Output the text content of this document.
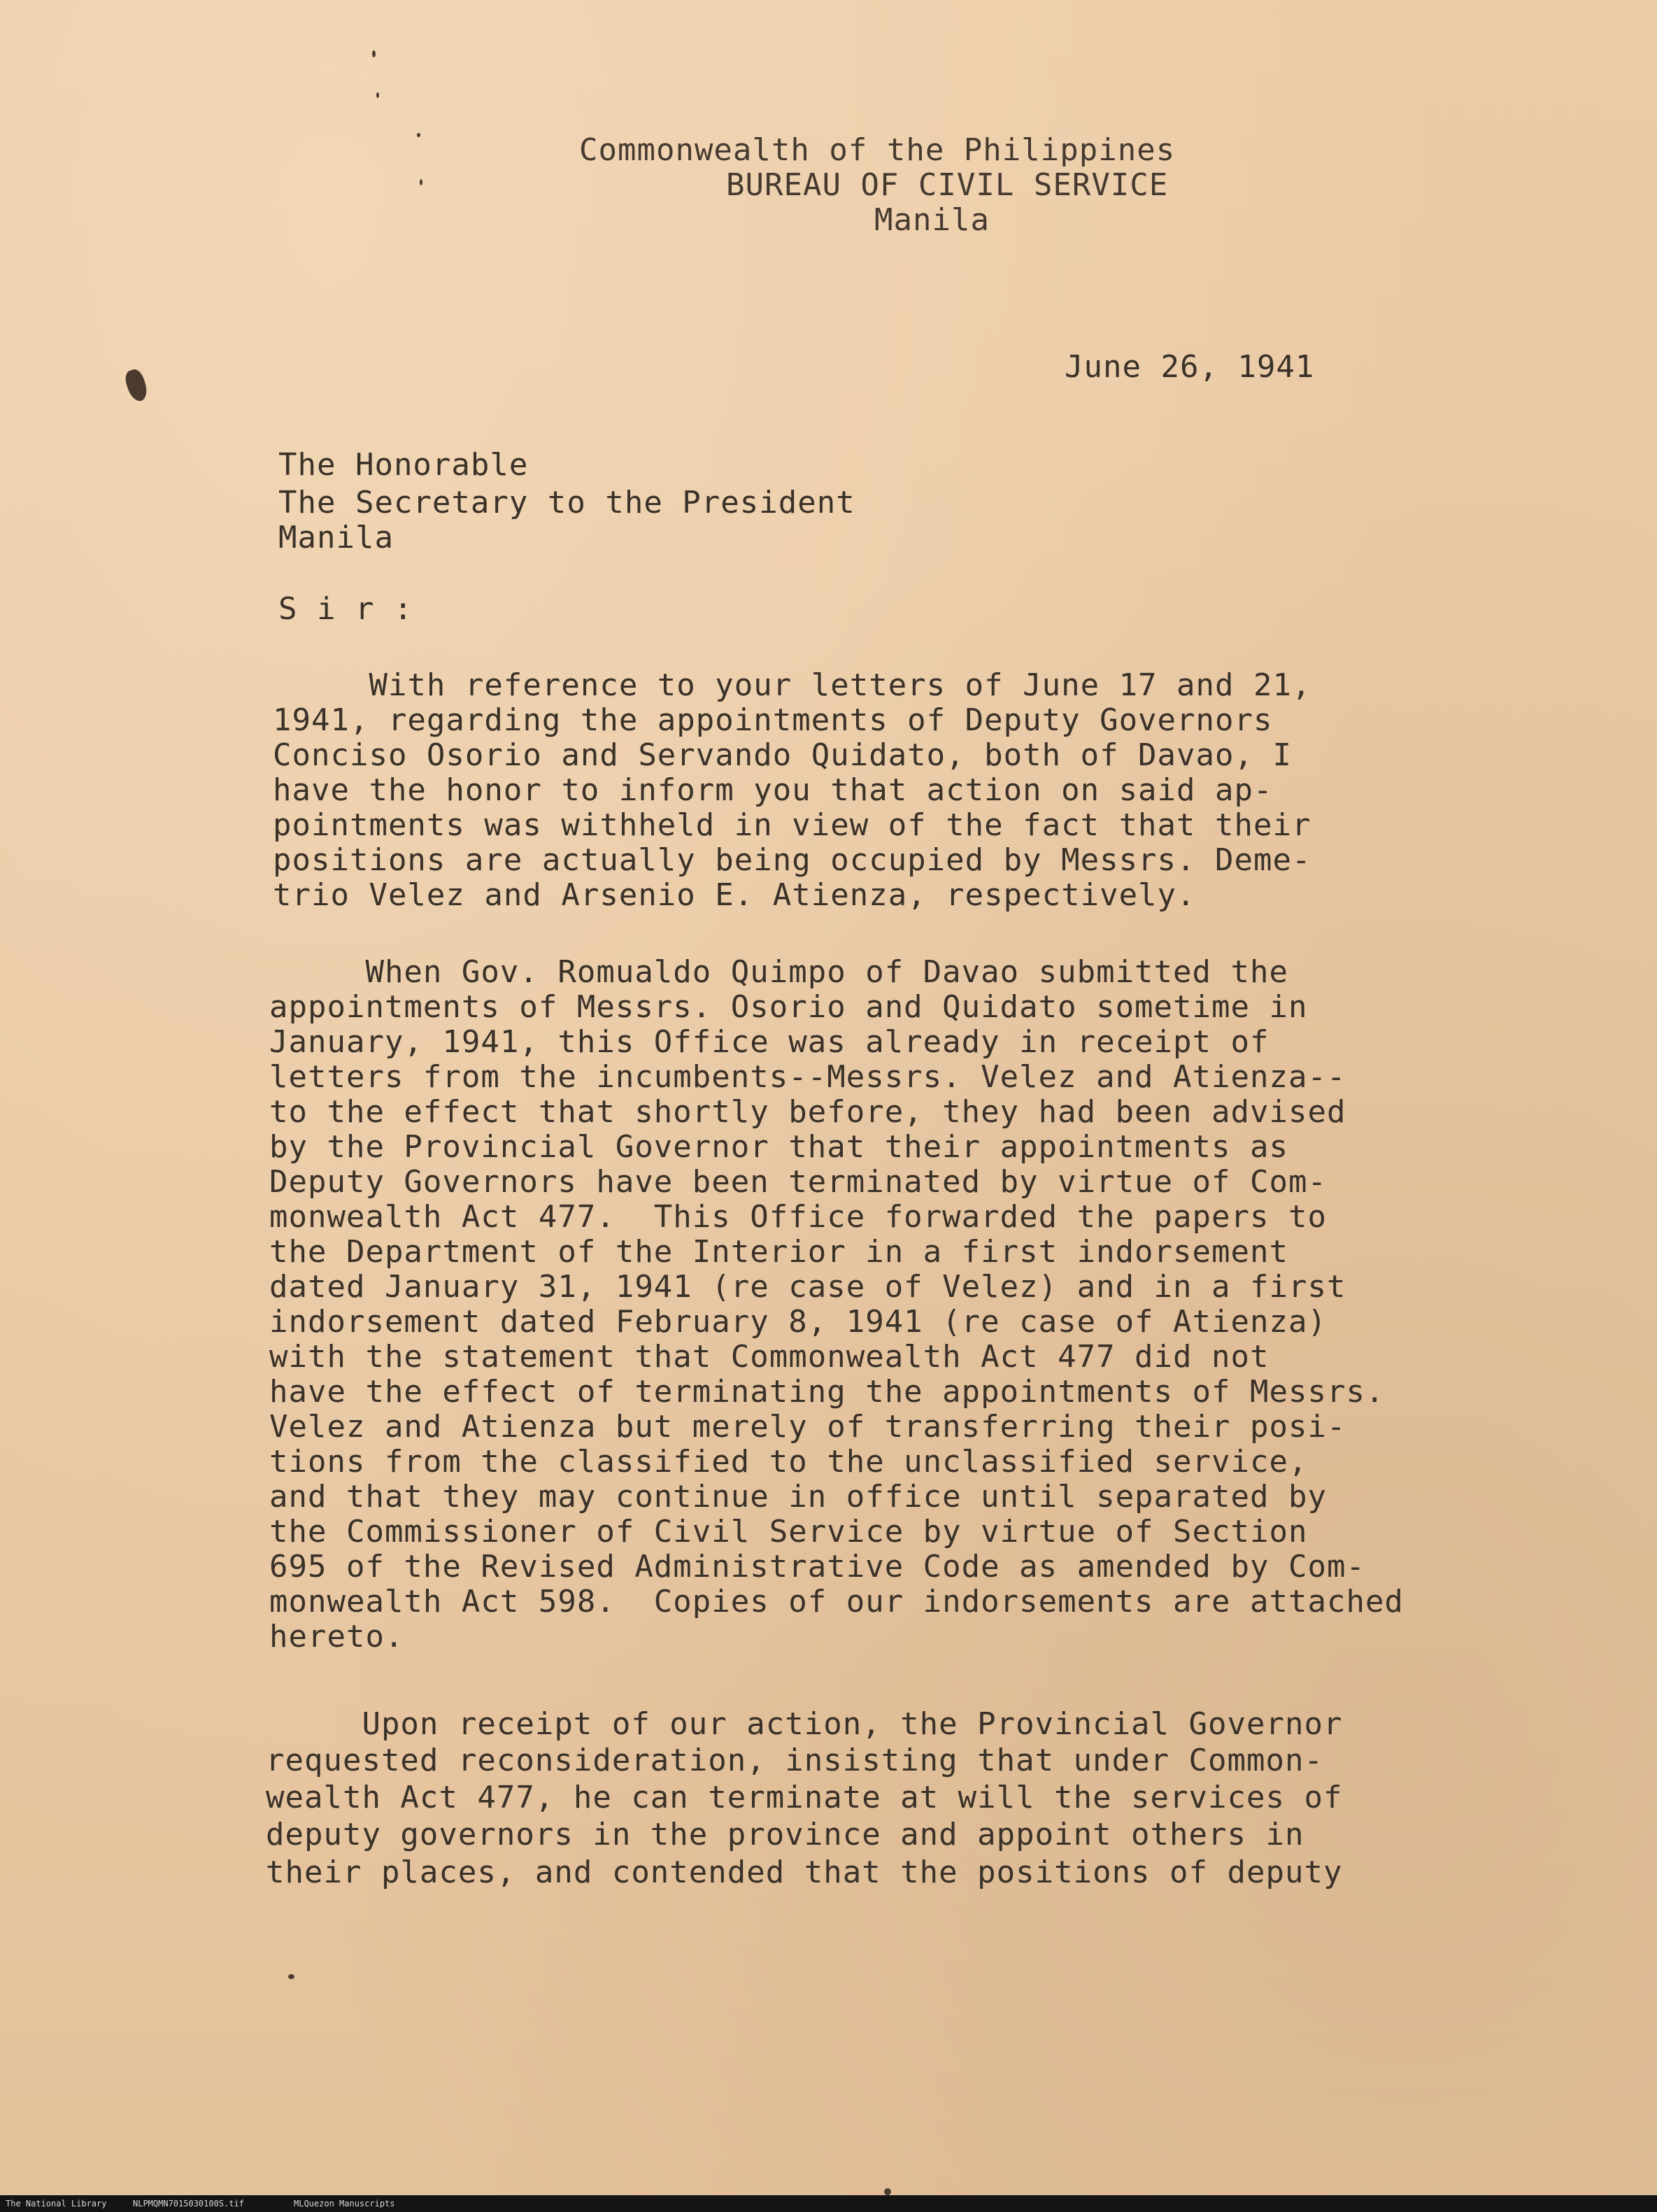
Commonwealth of the Philippines
BUREAU OF CIVIL SERVICE
Manila
June 26, 1941
The Honorable
The Secretary to the President
Manila
S i r :
With reference to your letters of June 17 and 21,
1941, regarding the appointments of Deputy Governors
Conciso Osorio and Servando Quidato, both of Davao, I
have the honor to inform you that action on said ap-
pointments was withheld in view of the fact that their
positions are actually being occupied by Messrs. Deme-
trio Velez and Arsenio E. Atienza, respectively.
When Gov. Romualdo Quimpo of Davao submitted the
appointments of Messrs. Osorio and Quidato sometime in
January, 1941, this Office was already in receipt of
letters from the incumbents--Messrs. Velez and Atienza--
to the effect that shortly before, they had been advised
by the Provincial Governor that their appointments as
Deputy Governors have been terminated by virtue of Com-
monwealth Act 477.  This Office forwarded the papers to
the Department of the Interior in a first indorsement
dated January 31, 1941 (re case of Velez) and in a first
indorsement dated February 8, 1941 (re case of Atienza)
with the statement that Commonwealth Act 477 did not
have the effect of terminating the appointments of Messrs.
Velez and Atienza but merely of transferring their posi-
tions from the classified to the unclassified service,
and that they may continue in office until separated by
the Commissioner of Civil Service by virtue of Section
695 of the Revised Administrative Code as amended by Com-
monwealth Act 598.  Copies of our indorsements are attached
hereto.
Upon receipt of our action, the Provincial Governor
requested reconsideration, insisting that under Common-
wealth Act 477, he can terminate at will the services of
deputy governors in the province and appoint others in
their places, and contended that the positions of deputy
The National Library	NLPMQMN7015030100S.tif	MLQuezon Manuscripts
